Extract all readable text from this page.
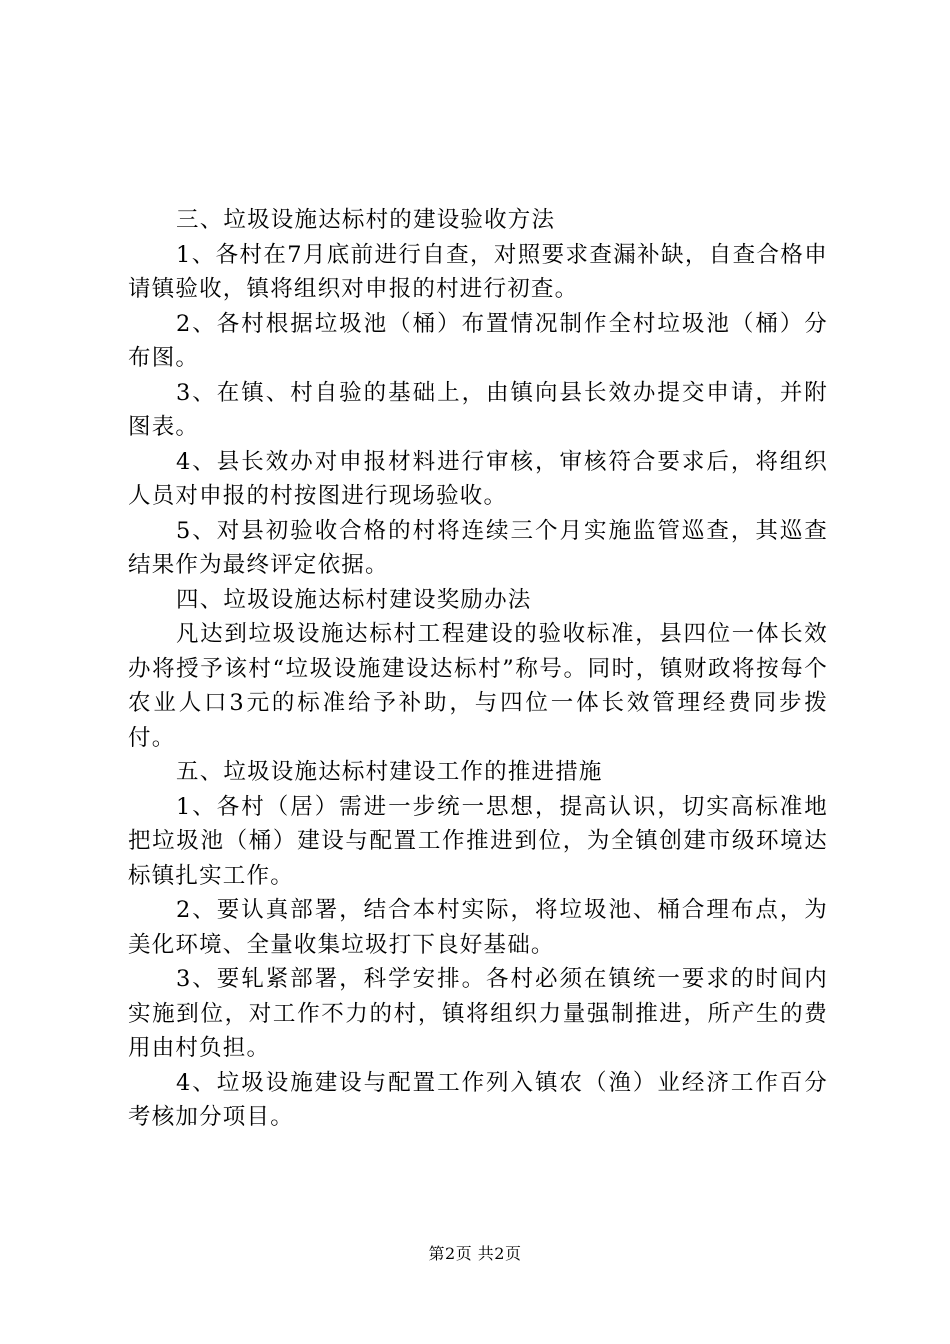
三、垃圾设施达标村的建设验收方法

1、各村在7月底前进行自查，对照要求查漏补缺，自查合格申请镇验收，镇将组织对申报的村进行初查。

2、各村根据垃圾池（桶）布置情况制作全村垃圾池（桶）分布图。

3、在镇、村自验的基础上，由镇向县长效办提交申请，并附图表。

4、县长效办对申报材料进行审核，审核符合要求后，将组织人员对申报的村按图进行现场验收。

5、对县初验收合格的村将连续三个月实施监管巡查，其巡查结果作为最终评定依据。

四、垃圾设施达标村建设奖励办法

凡达到垃圾设施达标村工程建设的验收标准，县四位一体长效办将授予该村“垃圾设施建设达标村”称号。同时，镇财政将按每个农业人口3元的标准给予补助，与四位一体长效管理经费同步拨付。

五、垃圾设施达标村建设工作的推进措施

1、各村（居）需进一步统一思想，提高认识，切实高标准地把垃圾池（桶）建设与配置工作推进到位，为全镇创建市级环境达标镇扎实工作。

2、要认真部署，结合本村实际，将垃圾池、桶合理布点，为美化环境、全量收集垃圾打下良好基础。

3、要轧紧部署，科学安排。各村必须在镇统一要求的时间内实施到位，对工作不力的村，镇将组织力量强制推进，所产生的费用由村负担。

4、垃圾设施建设与配置工作列入镇农（渔）业经济工作百分考核加分项目。

第2页 共2页
